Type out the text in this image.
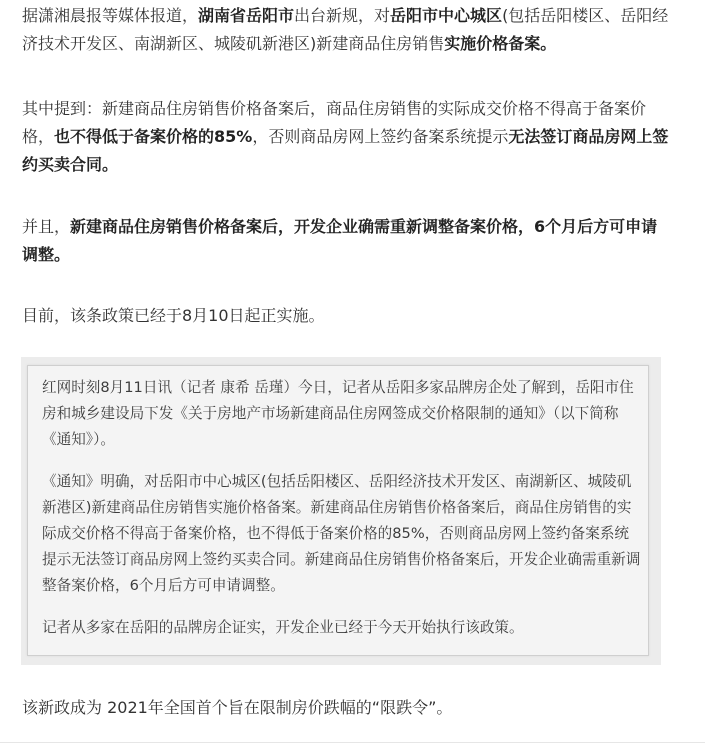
据潇湘晨报等媒体报道，湖南省岳阳市出台新规，对岳阳市中心城区(包括岳阳楼区、岳阳经济技术开发区、南湖新区、城陵矶新港区)新建商品住房销售实施价格备案。

其中提到：新建商品住房销售价格备案后，商品住房销售的实际成交价格不得高于备案价格，也不得低于备案价格的85%，否则商品房网上签约备案系统提示无法签订商品房网上签约买卖合同。

并且，新建商品住房销售价格备案后，开发企业确需重新调整备案价格，6个月后方可申请调整。

目前，该条政策已经于8月10日起正实施。

红网时刻8月11日讯（记者 康希 岳瑾）今日，记者从岳阳多家品牌房企处了解到，岳阳市住房和城乡建设局下发《关于房地产市场新建商品住房网签成交价格限制的通知》（以下简称《通知》）。

《通知》明确，对岳阳市中心城区(包括岳阳楼区、岳阳经济技术开发区、南湖新区、城陵矶新港区)新建商品住房销售实施价格备案。新建商品住房销售价格备案后，商品住房销售的实际成交价格不得高于备案价格，也不得低于备案价格的85%，否则商品房网上签约备案系统提示无法签订商品房网上签约买卖合同。新建商品住房销售价格备案后，开发企业确需重新调整备案价格，6个月后方可申请调整。

记者从多家在岳阳的品牌房企证实，开发企业已经于今天开始执行该政策。

该新政成为 2021年全国首个旨在限制房价跌幅的“限跌令”。
